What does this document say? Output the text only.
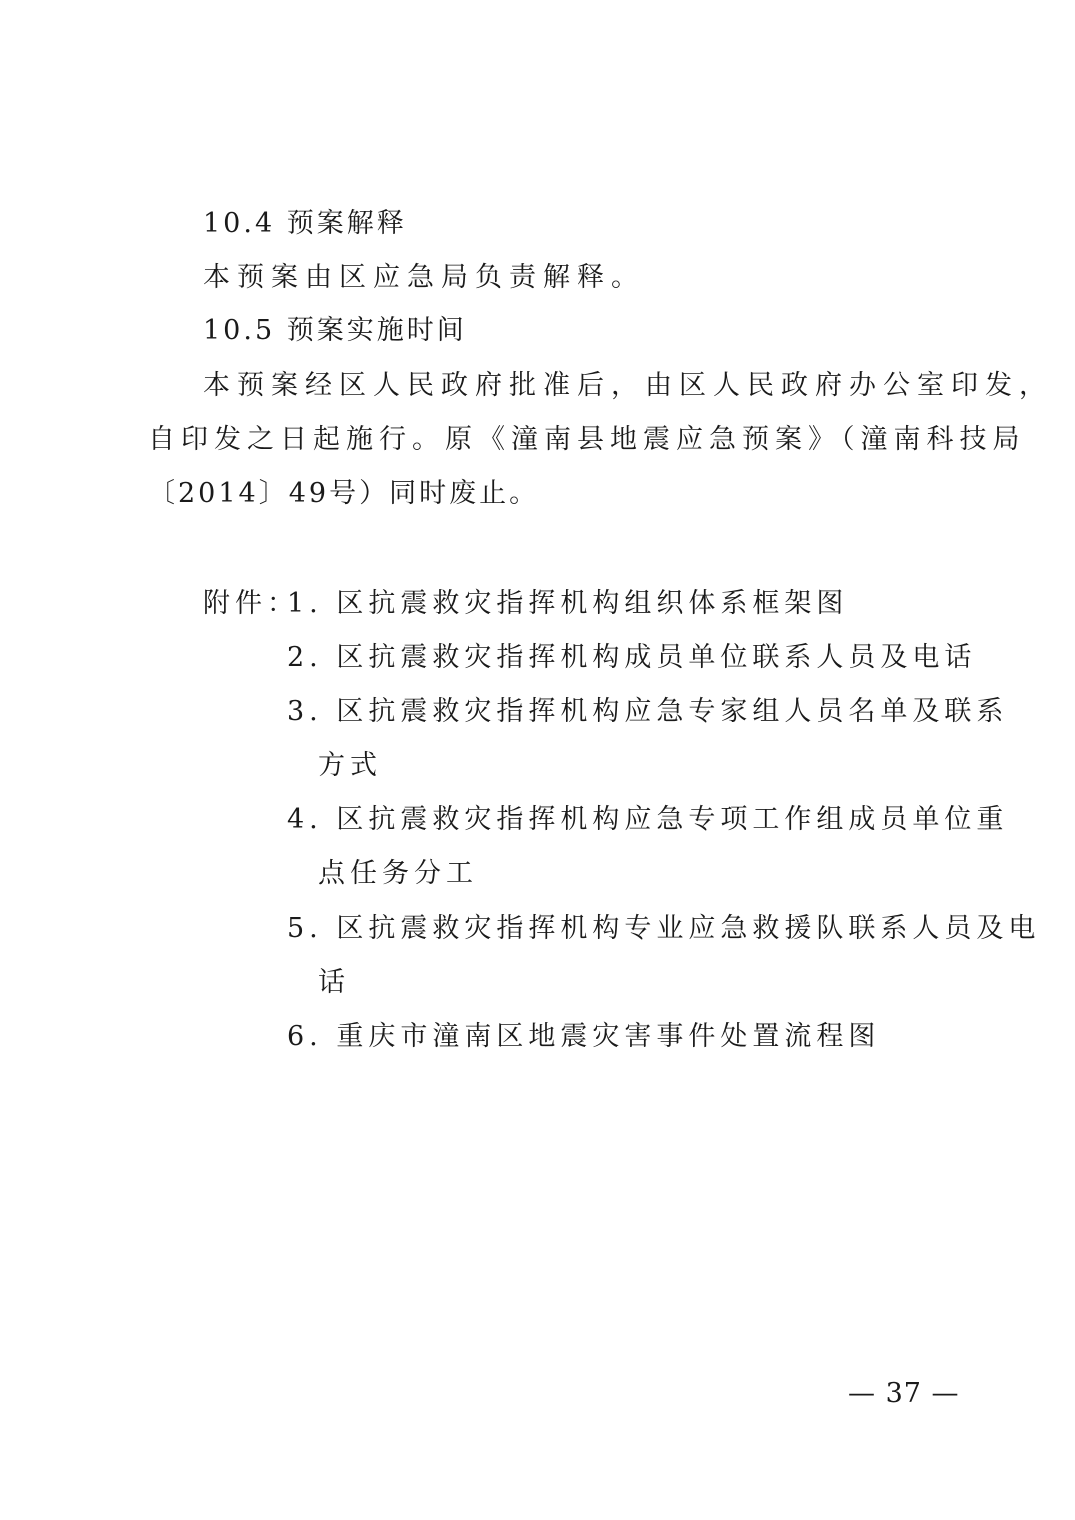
10.4 预案解释
本预案由区应急局负责解释。
10.5 预案实施时间
本预案经区人民政府批准后，由区人民政府办公室印发，
自印发之日起施行。原《潼南县地震应急预案》（潼南科技局
〔2014〕49号）同时废止。
附件：
1. 区抗震救灾指挥机构组织体系框架图
2. 区抗震救灾指挥机构成员单位联系人员及电话
3. 区抗震救灾指挥机构应急专家组人员名单及联系
方式
4. 区抗震救灾指挥机构应急专项工作组成员单位重
点任务分工
5. 区抗震救灾指挥机构专业应急救援队联系人员及电
话
6. 重庆市潼南区地震灾害事件处置流程图
— 37 —
